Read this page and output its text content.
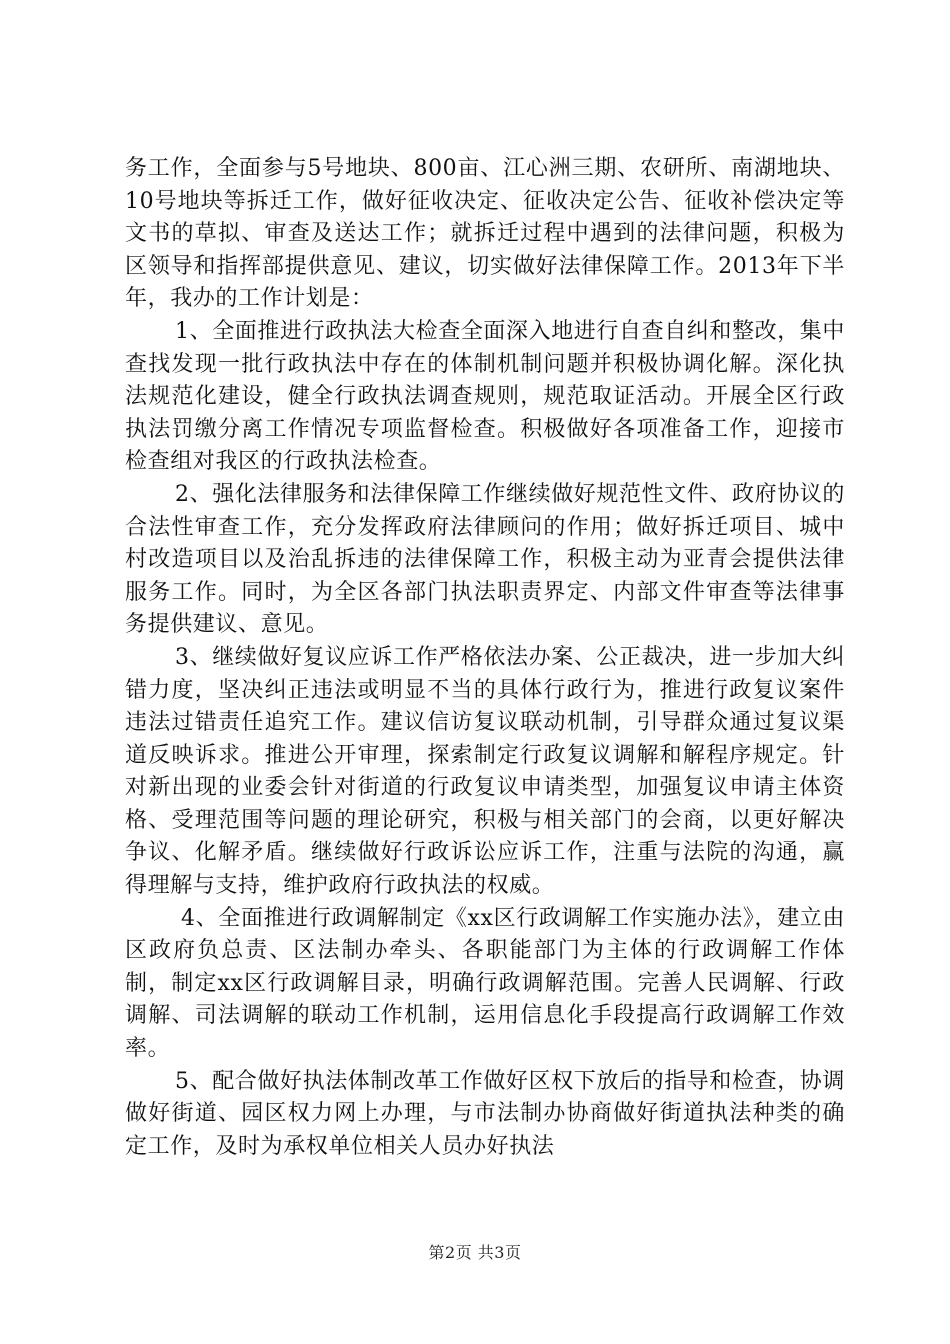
务工作，全面参与5号地块、800亩、江心洲三期、农研所、南湖地块、10号地块等拆迁工作，做好征收决定、征收决定公告、征收补偿决定等文书的草拟、审查及送达工作；就拆迁过程中遇到的法律问题，积极为区领导和指挥部提供意见、建议，切实做好法律保障工作。2013年下半年，我办的工作计划是：

1、全面推进行政执法大检查全面深入地进行自查自纠和整改，集中查找发现一批行政执法中存在的体制机制问题并积极协调化解。深化执法规范化建设，健全行政执法调查规则，规范取证活动。开展全区行政执法罚缴分离工作情况专项监督检查。积极做好各项准备工作，迎接市检查组对我区的行政执法检查。

2、强化法律服务和法律保障工作继续做好规范性文件、政府协议的合法性审查工作，充分发挥政府法律顾问的作用；做好拆迁项目、城中村改造项目以及治乱拆违的法律保障工作，积极主动为亚青会提供法律服务工作。同时，为全区各部门执法职责界定、内部文件审查等法律事务提供建议、意见。

3、继续做好复议应诉工作严格依法办案、公正裁决，进一步加大纠错力度，坚决纠正违法或明显不当的具体行政行为，推进行政复议案件违法过错责任追究工作。建议信访复议联动机制，引导群众通过复议渠道反映诉求。推进公开审理，探索制定行政复议调解和解程序规定。针对新出现的业委会针对街道的行政复议申请类型，加强复议申请主体资格、受理范围等问题的理论研究，积极与相关部门的会商，以更好解决争议、化解矛盾。继续做好行政诉讼应诉工作，注重与法院的沟通，赢得理解与支持，维护政府行政执法的权威。

4、全面推进行政调解制定《xx区行政调解工作实施办法》，建立由区政府负总责、区法制办牵头、各职能部门为主体的行政调解工作体制，制定xx区行政调解目录，明确行政调解范围。完善人民调解、行政调解、司法调解的联动工作机制，运用信息化手段提高行政调解工作效率。

5、配合做好执法体制改革工作做好区权下放后的指导和检查，协调做好街道、园区权力网上办理，与市法制办协商做好街道执法种类的确定工作，及时为承权单位相关人员办好执法

第2页 共3页
